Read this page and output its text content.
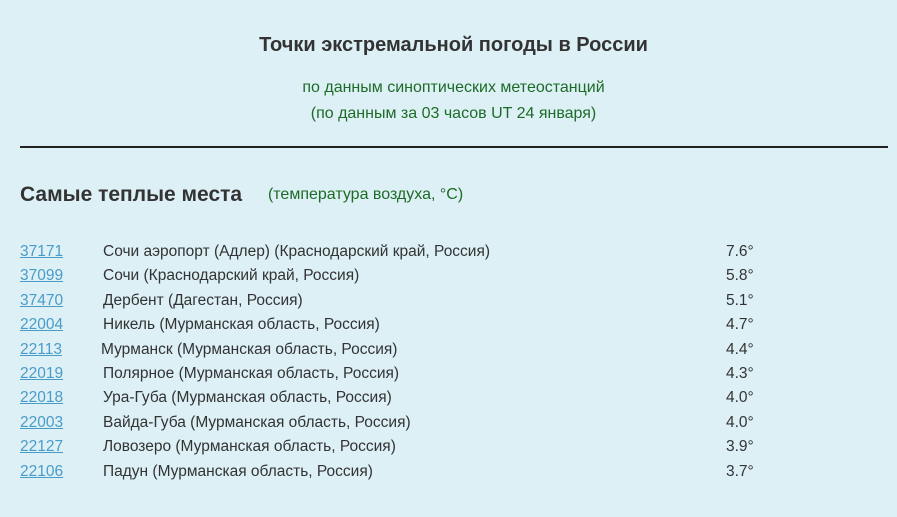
Точки экстремальной погоды в России
по данным синоптических метеостанций
(по данным за 03 часов UT 24 января)
Самые теплые места (температура воздуха, °C)
37171	Сочи аэропорт (Адлер) (Краснодарский край, Россия)	7.6°
37099	Сочи (Краснодарский край, Россия)	5.8°
37470	Дербент (Дагестан, Россия)	5.1°
22004	Никель (Мурманская область, Россия)	4.7°
22113	Мурманск (Мурманская область, Россия)	4.4°
22019	Полярное (Мурманская область, Россия)	4.3°
22018	Ура-Губа (Мурманская область, Россия)	4.0°
22003	Вайда-Губа (Мурманская область, Россия)	4.0°
22127	Ловозеро (Мурманская область, Россия)	3.9°
22106	Падун (Мурманская область, Россия)	3.7°
